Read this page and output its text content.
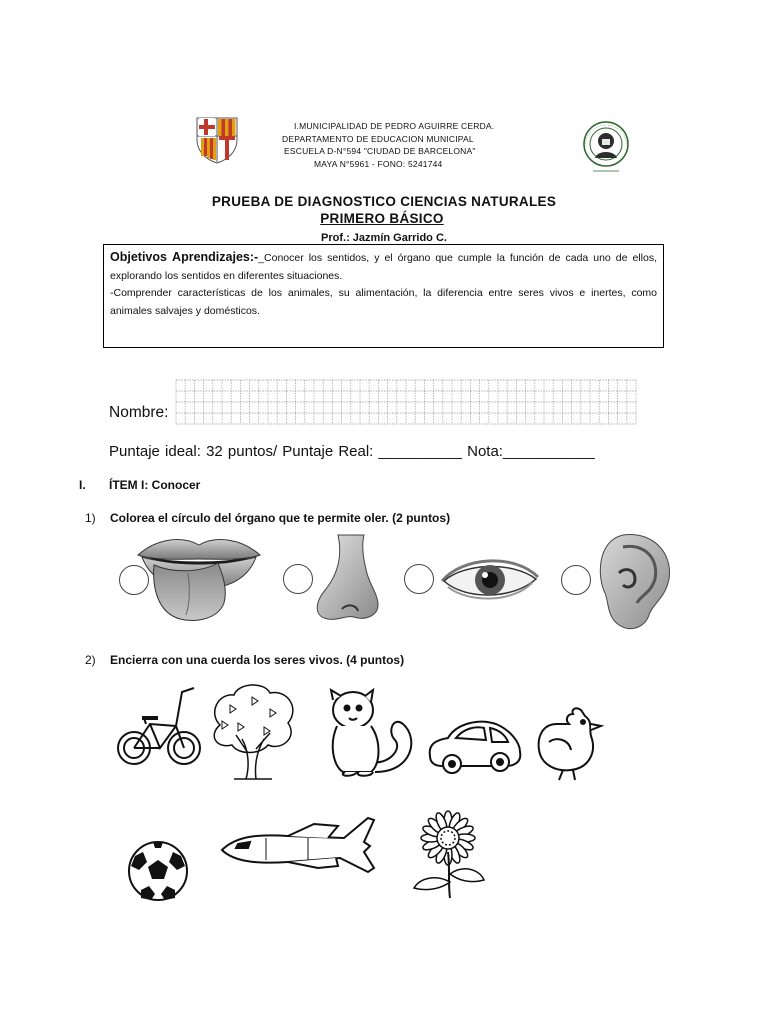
I.MUNICIPALIDAD DE PEDRO AGUIRRE CERDA.
DEPARTAMENTO DE EDUCACION MUNICIPAL
ESCUELA D-N°594 "CIUDAD DE BARCELONA"
MAYA N°5961 - FONO: 5241744
PRUEBA DE DIAGNOSTICO CIENCIAS NATURALES
PRIMERO BÁSICO
Prof.: Jazmín Garrido C.
Objetivos Aprendizajes:-_Conocer los sentidos, y el órgano que cumple la función de cada uno de ellos, explorando los sentidos en diferentes situaciones.
-Comprender características de los animales, su alimentación, la diferencia entre seres vivos e inertes, como animales salvajes y domésticos.
Nombre:
Puntaje ideal: 32 puntos/ Puntaje Real: __________ Nota:___________
I. ÍTEM I: Conocer
1) Colorea el círculo del órgano que te permite oler. (2 puntos)
2) Encierra con una cuerda los seres vivos. (4 puntos)
